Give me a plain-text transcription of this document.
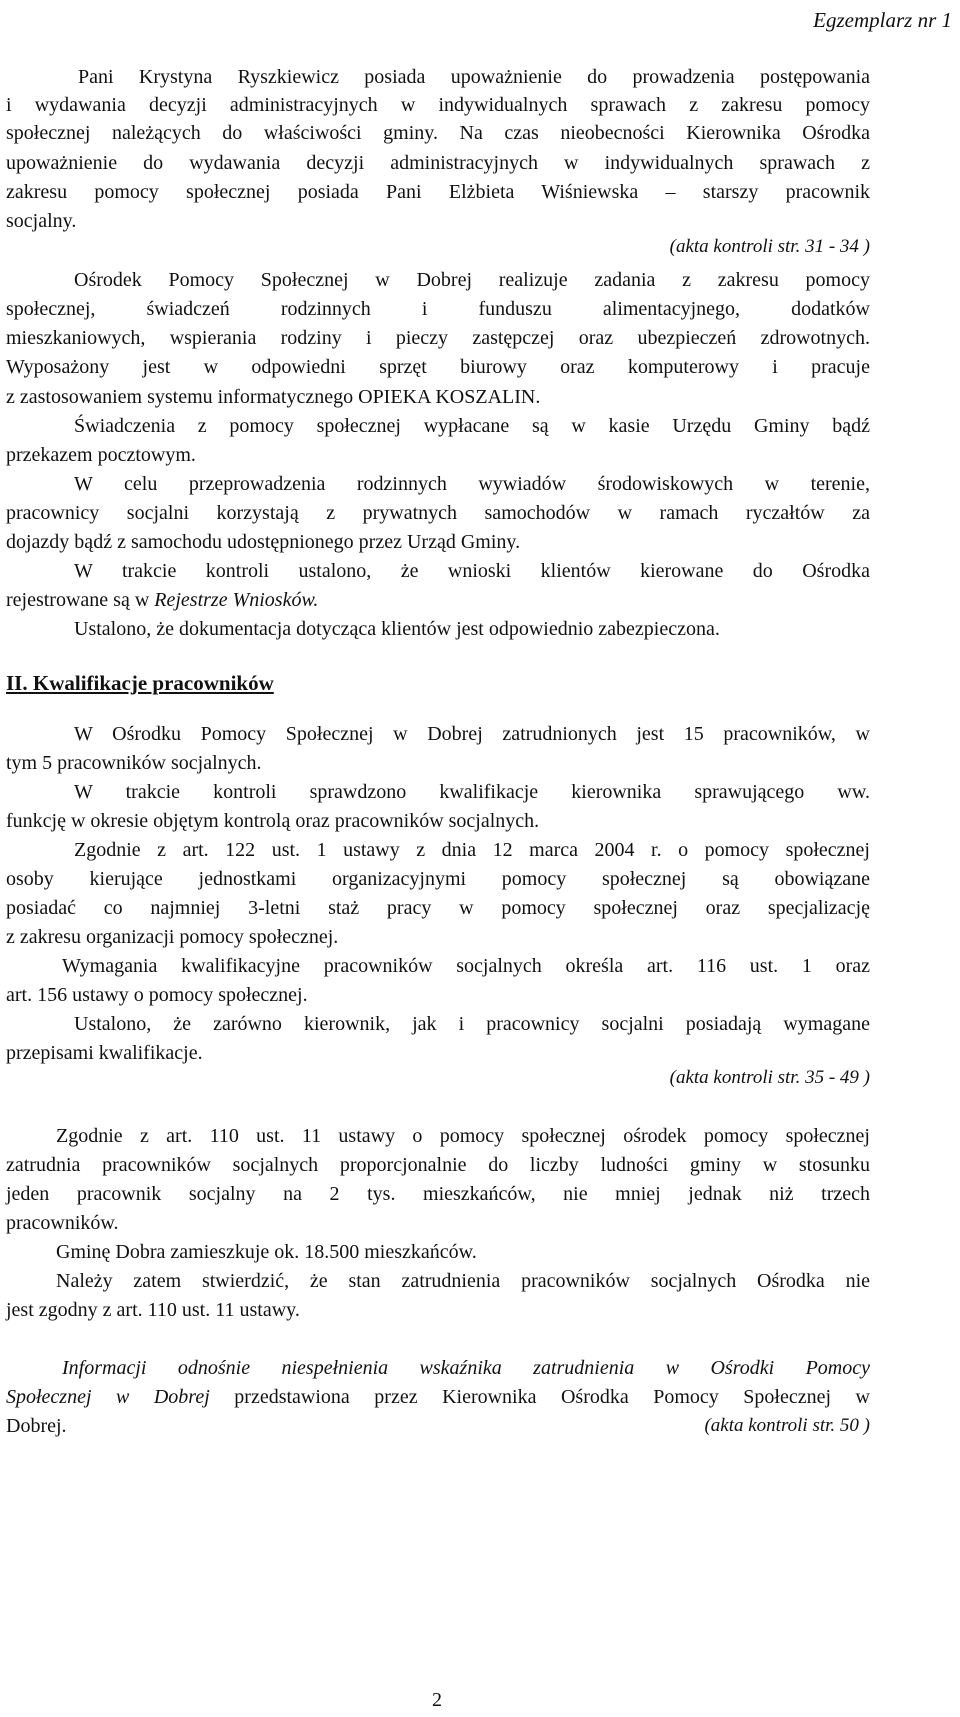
Egzemplarz nr 1
Pani Krystyna Ryszkiewicz posiada upoważnienie do prowadzenia postępowania
i wydawania decyzji administracyjnych w indywidualnych sprawach z zakresu pomocy
społecznej należących do właściwości gminy. Na czas nieobecności Kierownika Ośrodka
upoważnienie do wydawania decyzji administracyjnych w indywidualnych sprawach z
zakresu pomocy społecznej posiada Pani Elżbieta Wiśniewska – starszy pracownik
socjalny.
(akta kontroli str. 31 - 34 )
Ośrodek Pomocy Społecznej w Dobrej realizuje zadania z zakresu pomocy
społecznej, świadczeń rodzinnych i funduszu alimentacyjnego, dodatków
mieszkaniowych, wspierania rodziny i pieczy zastępczej oraz ubezpieczeń zdrowotnych.
Wyposażony jest w odpowiedni sprzęt biurowy oraz komputerowy i pracuje
z zastosowaniem systemu informatycznego OPIEKA KOSZALIN.
Świadczenia z pomocy społecznej wypłacane są w kasie Urzędu Gminy bądź
przekazem pocztowym.
W celu przeprowadzenia rodzinnych wywiadów środowiskowych w terenie,
pracownicy socjalni korzystają z prywatnych samochodów w ramach ryczałtów za
dojazdy bądź z samochodu udostępnionego przez Urząd Gminy.
W trakcie kontroli ustalono, że wnioski klientów kierowane do Ośrodka
rejestrowane są w Rejestrze Wniosków.
Ustalono, że dokumentacja dotycząca klientów jest odpowiednio zabezpieczona.
II. Kwalifikacje pracowników
W Ośrodku Pomocy Społecznej w Dobrej zatrudnionych jest 15 pracowników, w
tym 5 pracowników socjalnych.
W trakcie kontroli sprawdzono kwalifikacje kierownika sprawującego ww.
funkcję w okresie objętym kontrolą oraz pracowników socjalnych.
Zgodnie z art. 122 ust. 1 ustawy z dnia 12 marca 2004 r. o pomocy społecznej
osoby kierujące jednostkami organizacyjnymi pomocy społecznej są obowiązane
posiadać co najmniej 3-letni staż pracy w pomocy społecznej oraz specjalizację
z zakresu organizacji pomocy społecznej.
Wymagania kwalifikacyjne pracowników socjalnych określa art. 116 ust. 1 oraz
art. 156 ustawy o pomocy społecznej.
Ustalono, że zarówno kierownik, jak i pracownicy socjalni posiadają wymagane
przepisami kwalifikacje.
(akta kontroli str. 35 - 49 )
Zgodnie z art. 110 ust. 11 ustawy o pomocy społecznej ośrodek pomocy społecznej
zatrudnia pracowników socjalnych proporcjonalnie do liczby ludności gminy w stosunku
jeden pracownik socjalny na 2 tys. mieszkańców, nie mniej jednak niż trzech
pracowników.
Gminę Dobra zamieszkuje ok. 18.500 mieszkańców.
Należy zatem stwierdzić, że stan zatrudnienia pracowników socjalnych Ośrodka nie
jest zgodny z art. 110 ust. 11 ustawy.
Informacji odnośnie niespełnienia wskaźnika zatrudnienia w Ośrodki Pomocy
Społecznej w Dobrej przedstawiona przez Kierownika Ośrodka Pomocy Społecznej w
Dobrej.	(akta kontroli str. 50 )
2
